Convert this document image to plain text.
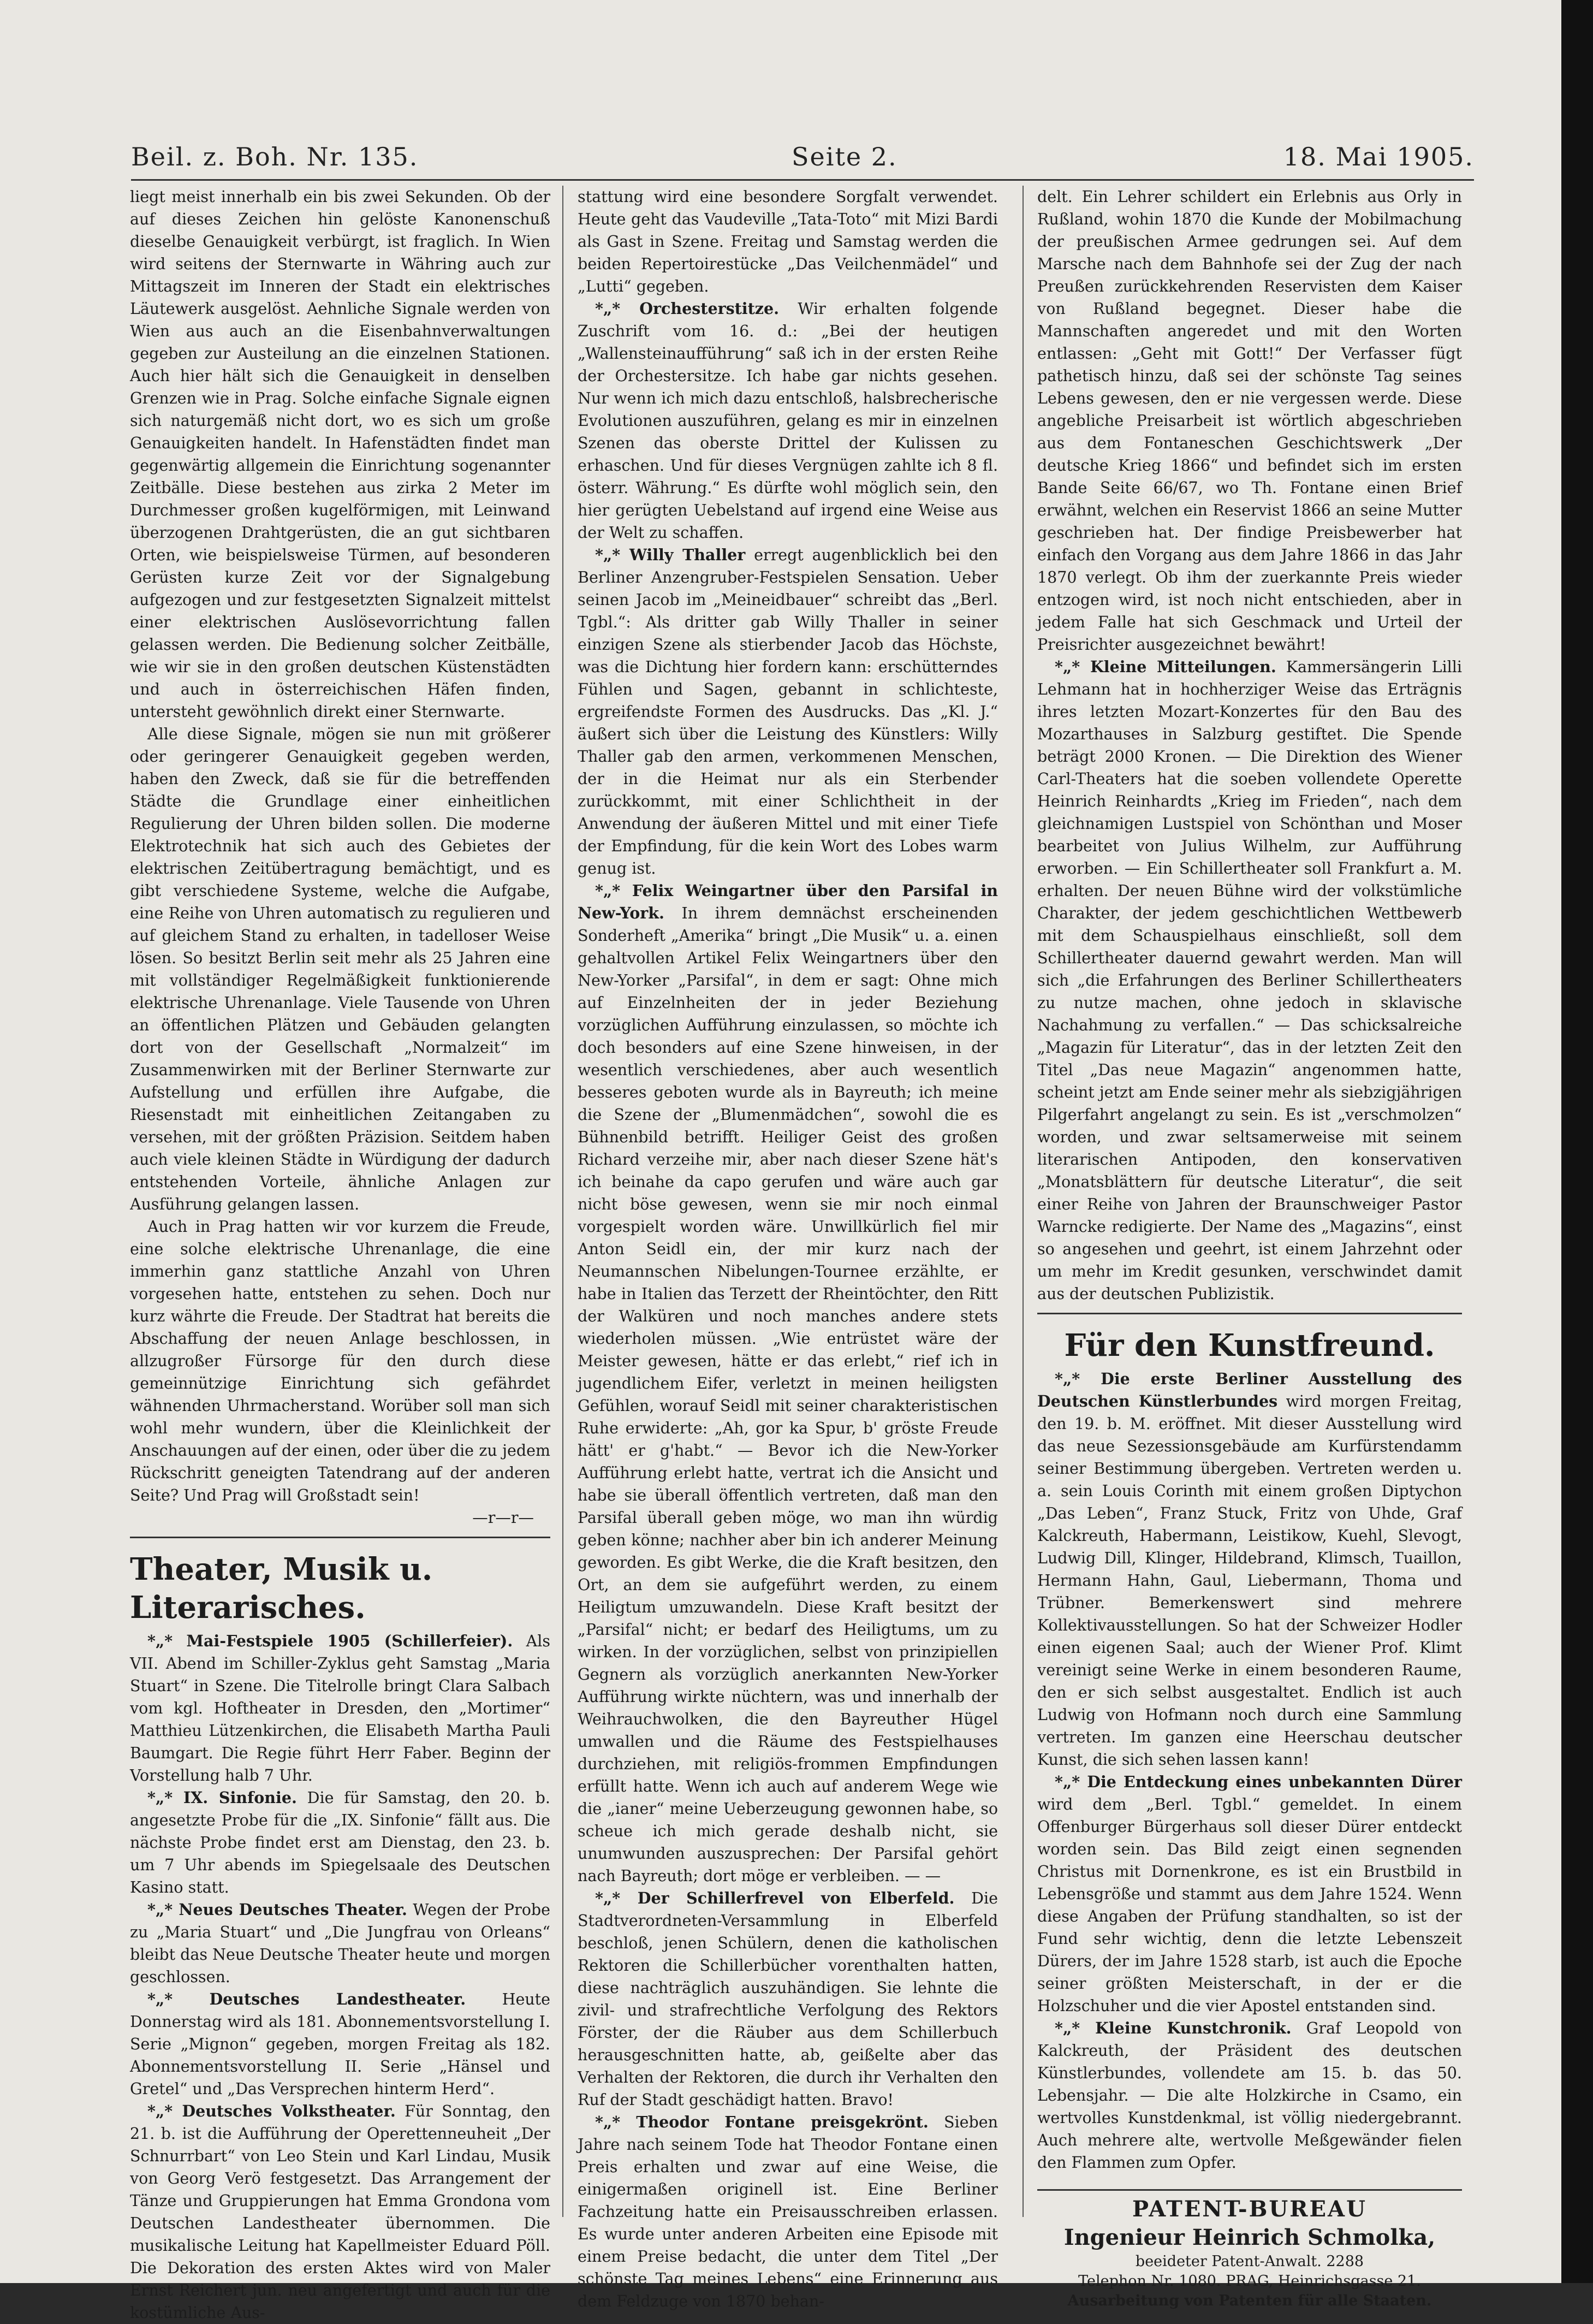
Beil. z. Boh. Nr. 135.	Seite 2.	18. Mai 1905.

liegt meist innerhalb ein bis zwei Sekunden. Ob der auf dieses Zeichen hin gelöste Kanonenschuß dieselbe Genauigkeit verbürgt, ist fraglich. In Wien wird seitens der Sternwarte in Währing auch zur Mittagszeit im Inneren der Stadt ein elektrisches Läutewerk ausgelöst. Aehnliche Signale werden von Wien aus auch an die Eisenbahnverwaltungen gegeben zur Austeilung an die einzelnen Stationen. Auch hier hält sich die Genauigkeit in denselben Grenzen wie in Prag. Solche einfache Signale eignen sich naturgemäß nicht dort, wo es sich um große Genauigkeiten handelt. In Hafenstädten findet man gegenwärtig allgemein die Einrichtung sogenannter Zeitbälle. Diese bestehen aus zirka 2 Meter im Durchmesser großen kugelförmigen, mit Leinwand überzogenen Drahtgerüsten, die an gut sichtbaren Orten, wie beispielsweise Türmen, auf besonderen Gerüsten kurze Zeit vor der Signalgebung aufgezogen und zur festgesetzten Signalzeit mittelst einer elektrischen Auslösevorrichtung fallen gelassen werden. Die Bedienung solcher Zeitbälle, wie wir sie in den großen deutschen Küstenstädten und auch in österreichischen Häfen finden, untersteht gewöhnlich direkt einer Sternwarte.

Alle diese Signale, mögen sie nun mit größerer oder geringerer Genauigkeit gegeben werden, haben den Zweck, daß sie für die betreffenden Städte die Grundlage einer einheitlichen Regulierung der Uhren bilden sollen. Die moderne Elektrotechnik hat sich auch des Gebietes der elektrischen Zeitübertragung bemächtigt, und es gibt verschiedene Systeme, welche die Aufgabe, eine Reihe von Uhren automatisch zu regulieren und auf gleichem Stand zu erhalten, in tadelloser Weise lösen. So besitzt Berlin seit mehr als 25 Jahren eine mit vollständiger Regelmäßigkeit funktionierende elektrische Uhrenanlage. Viele Tausende von Uhren an öffentlichen Plätzen und Gebäuden gelangten dort von der Gesellschaft „Normalzeit“ im Zusammenwirken mit der Berliner Sternwarte zur Aufstellung und erfüllen ihre Aufgabe, die Riesenstadt mit einheitlichen Zeitangaben zu versehen, mit der größten Präzision. Seitdem haben auch viele kleinen Städte in Würdigung der dadurch entstehenden Vorteile, ähnliche Anlagen zur Ausführung gelangen lassen.

Auch in Prag hatten wir vor kurzem die Freude, eine solche elektrische Uhrenanlage, die eine immerhin ganz stattliche Anzahl von Uhren vorgesehen hatte, entstehen zu sehen. Doch nur kurz währte die Freude. Der Stadtrat hat bereits die Abschaffung der neuen Anlage beschlossen, in allzugroßer Fürsorge für den durch diese gemeinnützige Einrichtung sich gefährdet wähnenden Uhrmacherstand. Worüber soll man sich wohl mehr wundern, über die Kleinlichkeit der Anschauungen auf der einen, oder über die zu jedem Rückschritt geneigten Tatendrang auf der anderen Seite? Und Prag will Großstadt sein!

—r—r—
Theater, Musik u. Literarisches.

*„* Mai-Festspiele 1905 (Schillerfeier). Als VII. Abend im Schiller-Zyklus geht Samstag „Maria Stuart“ in Szene. Die Titelrolle bringt Clara Salbach vom kgl. Hoftheater in Dresden, den „Mortimer“ Matthieu Lützenkirchen, die Elisabeth Martha Pauli Baumgart. Die Regie führt Herr Faber. Beginn der Vorstellung halb 7 Uhr.

*„* IX. Sinfonie. Die für Samstag, den 20. b. angesetzte Probe für die „IX. Sinfonie“ fällt aus. Die nächste Probe findet erst am Dienstag, den 23. b. um 7 Uhr abends im Spiegelsaale des Deutschen Kasino statt.

*„* Neues Deutsches Theater. Wegen der Probe zu „Maria Stuart“ und „Die Jungfrau von Orleans“ bleibt das Neue Deutsche Theater heute und morgen geschlossen.

*„* Deutsches Landestheater. Heute Donnerstag wird als 181. Abonnementsvorstellung I. Serie „Mignon“ gegeben, morgen Freitag als 182. Abonnementsvorstellung II. Serie „Hänsel und Gretel“ und „Das Versprechen hinterm Herd“.

*„* Deutsches Volkstheater. Für Sonntag, den 21. b. ist die Aufführung der Operettenneuheit „Der Schnurrbart“ von Leo Stein und Karl Lindau, Musik von Georg Verö festgesetzt. Das Arrangement der Tänze und Gruppierungen hat Emma Grondona vom Deutschen Landestheater übernommen. Die musikalische Leitung hat Kapellmeister Eduard Pöll. Die Dekoration des ersten Aktes wird von Maler Ernst Reichert jun. neu angefertigt und auch für die kostümliche Aus-

stattung wird eine besondere Sorgfalt verwendet. Heute geht das Vaudeville „Tata-Toto“ mit Mizi Bardi als Gast in Szene. Freitag und Samstag werden die beiden Repertoirestücke „Das Veilchenmädel“ und „Lutti“ gegeben.

*„* Orchesterstitze. Wir erhalten folgende Zuschrift vom 16. d.: „Bei der heutigen „Wallensteinaufführung“ saß ich in der ersten Reihe der Orchestersitze. Ich habe gar nichts gesehen. Nur wenn ich mich dazu entschloß, halsbrecherische Evolutionen auszuführen, gelang es mir in einzelnen Szenen das oberste Drittel der Kulissen zu erhaschen. Und für dieses Vergnügen zahlte ich 8 fl. österr. Währung.“ Es dürfte wohl möglich sein, den hier gerügten Uebelstand auf irgend eine Weise aus der Welt zu schaffen.

*„* Willy Thaller erregt augenblicklich bei den Berliner Anzengruber-Festspielen Sensation. Ueber seinen Jacob im „Meineidbauer“ schreibt das „Berl. Tgbl.“: Als dritter gab Willy Thaller in seiner einzigen Szene als stierbender Jacob das Höchste, was die Dichtung hier fordern kann: erschütterndes Fühlen und Sagen, gebannt in schlichteste, ergreifendste Formen des Ausdrucks. Das „Kl. J.“ äußert sich über die Leistung des Künstlers: Willy Thaller gab den armen, verkommenen Menschen, der in die Heimat nur als ein Sterbender zurückkommt, mit einer Schlichtheit in der Anwendung der äußeren Mittel und mit einer Tiefe der Empfindung, für die kein Wort des Lobes warm genug ist.

*„* Felix Weingartner über den Parsifal in New-York. In ihrem demnächst erscheinenden Sonderheft „Amerika“ bringt „Die Musik“ u. a. einen gehaltvollen Artikel Felix Weingartners über den New-Yorker „Parsifal“, in dem er sagt: Ohne mich auf Einzelnheiten der in jeder Beziehung vorzüglichen Aufführung einzulassen, so möchte ich doch besonders auf eine Szene hinweisen, in der wesentlich verschiedenes, aber auch wesentlich besseres geboten wurde als in Bayreuth; ich meine die Szene der „Blumenmädchen“, sowohl die es Bühnenbild betrifft. Heiliger Geist des großen Richard verzeihe mir, aber nach dieser Szene hät's ich beinahe da capo gerufen und wäre auch gar nicht böse gewesen, wenn sie mir noch einmal vorgespielt worden wäre. Unwillkürlich fiel mir Anton Seidl ein, der mir kurz nach der Neumannschen Nibelungen-Tournee erzählte, er habe in Italien das Terzett der Rheintöchter, den Ritt der Walküren und noch manches andere stets wiederholen müssen. „Wie entrüstet wäre der Meister gewesen, hätte er das erlebt,“ rief ich in jugendlichem Eifer, verletzt in meinen heiligsten Gefühlen, worauf Seidl mit seiner charakteristischen Ruhe erwiderte: „Ah, gor ka Spur, b' gröste Freude hätt' er g'habt.“ — Bevor ich die New-Yorker Aufführung erlebt hatte, vertrat ich die Ansicht und habe sie überall öffentlich vertreten, daß man den Parsifal überall geben möge, wo man ihn würdig geben könne; nachher aber bin ich anderer Meinung geworden. Es gibt Werke, die die Kraft besitzen, den Ort, an dem sie aufgeführt werden, zu einem Heiligtum umzuwandeln. Diese Kraft besitzt der „Parsifal“ nicht; er bedarf des Heiligtums, um zu wirken. In der vorzüglichen, selbst von prinzipiellen Gegnern als vorzüglich anerkannten New-Yorker Aufführung wirkte nüchtern, was und innerhalb der Weihrauchwolken, die den Bayreuther Hügel umwallen und die Räume des Festspielhauses durchziehen, mit religiös-frommen Empfindungen erfüllt hatte. Wenn ich auch auf anderem Wege wie die „ianer“ meine Ueberzeugung gewonnen habe, so scheue ich mich gerade deshalb nicht, sie unumwunden auszusprechen: Der Parsifal gehört nach Bayreuth; dort möge er verbleiben. — —

*„* Der Schillerfrevel von Elberfeld. Die Stadtverordneten-Versammlung in Elberfeld beschloß, jenen Schülern, denen die katholischen Rektoren die Schillerbücher vorenthalten hatten, diese nachträglich auszuhändigen. Sie lehnte die zivil- und strafrechtliche Verfolgung des Rektors Förster, der die Räuber aus dem Schillerbuch herausgeschnitten hatte, ab, geißelte aber das Verhalten der Rektoren, die durch ihr Verhalten den Ruf der Stadt geschädigt hatten. Bravo!

*„* Theodor Fontane preisgekrönt. Sieben Jahre nach seinem Tode hat Theodor Fontane einen Preis erhalten und zwar auf eine Weise, die einigermaßen originell ist. Eine Berliner Fachzeitung hatte ein Preisausschreiben erlassen. Es wurde unter anderen Arbeiten eine Episode mit einem Preise bedacht, die unter dem Titel „Der schönste Tag meines Lebens“ eine Erinnerung aus dem Feldzuge von 1870 behan-

delt. Ein Lehrer schildert ein Erlebnis aus Orly in Rußland, wohin 1870 die Kunde der Mobilmachung der preußischen Armee gedrungen sei. Auf dem Marsche nach dem Bahnhofe sei der Zug der nach Preußen zurückkehrenden Reservisten dem Kaiser von Rußland begegnet. Dieser habe die Mannschaften angeredet und mit den Worten entlassen: „Geht mit Gott!“ Der Verfasser fügt pathetisch hinzu, daß sei der schönste Tag seines Lebens gewesen, den er nie vergessen werde. Diese angebliche Preisarbeit ist wörtlich abgeschrieben aus dem Fontaneschen Geschichtswerk „Der deutsche Krieg 1866“ und befindet sich im ersten Bande Seite 66/67, wo Th. Fontane einen Brief erwähnt, welchen ein Reservist 1866 an seine Mutter geschrieben hat. Der findige Preisbewerber hat einfach den Vorgang aus dem Jahre 1866 in das Jahr 1870 verlegt. Ob ihm der zuerkannte Preis wieder entzogen wird, ist noch nicht entschieden, aber in jedem Falle hat sich Geschmack und Urteil der Preisrichter ausgezeichnet bewährt!

*„* Kleine Mitteilungen. Kammersängerin Lilli Lehmann hat in hochherziger Weise das Erträgnis ihres letzten Mozart-Konzertes für den Bau des Mozarthauses in Salzburg gestiftet. Die Spende beträgt 2000 Kronen. — Die Direktion des Wiener Carl-Theaters hat die soeben vollendete Operette Heinrich Reinhardts „Krieg im Frieden“, nach dem gleichnamigen Lustspiel von Schönthan und Moser bearbeitet von Julius Wilhelm, zur Aufführung erworben. — Ein Schillertheater soll Frankfurt a. M. erhalten. Der neuen Bühne wird der volkstümliche Charakter, der jedem geschichtlichen Wettbewerb mit dem Schauspielhaus einschließt, soll dem Schillertheater dauernd gewahrt werden. Man will sich „die Erfahrungen des Berliner Schillertheaters zu nutze machen, ohne jedoch in sklavische Nachahmung zu verfallen.“ — Das schicksalreiche „Magazin für Literatur“, das in der letzten Zeit den Titel „Das neue Magazin“ angenommen hatte, scheint jetzt am Ende seiner mehr als siebzigjährigen Pilgerfahrt angelangt zu sein. Es ist „verschmolzen“ worden, und zwar seltsamerweise mit seinem literarischen Antipoden, den konservativen „Monatsblättern für deutsche Literatur“, die seit einer Reihe von Jahren der Braunschweiger Pastor Warncke redigierte. Der Name des „Magazins“, einst so angesehen und geehrt, ist einem Jahrzehnt oder um mehr im Kredit gesunken, verschwindet damit aus der deutschen Publizistik.

Für den Kunstfreund.

*„* Die erste Berliner Ausstellung des Deutschen Künstlerbundes wird morgen Freitag, den 19. b. M. eröffnet. Mit dieser Ausstellung wird das neue Sezessionsgebäude am Kurfürstendamm seiner Bestimmung übergeben. Vertreten werden u. a. sein Louis Corinth mit einem großen Diptychon „Das Leben“, Franz Stuck, Fritz von Uhde, Graf Kalckreuth, Habermann, Leistikow, Kuehl, Slevogt, Ludwig Dill, Klinger, Hildebrand, Klimsch, Tuaillon, Hermann Hahn, Gaul, Liebermann, Thoma und Trübner. Bemerkenswert sind mehrere Kollektivausstellungen. So hat der Schweizer Hodler einen eigenen Saal; auch der Wiener Prof. Klimt vereinigt seine Werke in einem besonderen Raume, den er sich selbst ausgestaltet. Endlich ist auch Ludwig von Hofmann noch durch eine Sammlung vertreten. Im ganzen eine Heerschau deutscher Kunst, die sich sehen lassen kann!

*„* Die Entdeckung eines unbekannten Dürer wird dem „Berl. Tgbl.“ gemeldet. In einem Offenburger Bürgerhaus soll dieser Dürer entdeckt worden sein. Das Bild zeigt einen segnenden Christus mit Dornenkrone, es ist ein Brustbild in Lebensgröße und stammt aus dem Jahre 1524. Wenn diese Angaben der Prüfung standhalten, so ist der Fund sehr wichtig, denn die letzte Lebenszeit Dürers, der im Jahre 1528 starb, ist auch die Epoche seiner größten Meisterschaft, in der er die Holzschuher und die vier Apostel entstanden sind.

*„* Kleine Kunstchronik. Graf Leopold von Kalckreuth, der Präsident des deutschen Künstlerbundes, vollendete am 15. b. das 50. Lebensjahr. — Die alte Holzkirche in Csamo, ein wertvolles Kunstdenkmal, ist völlig niedergebrannt. Auch mehrere alte, wertvolle Meßgewänder fielen den Flammen zum Opfer.

PATENT-BUREAU
Ingenieur Heinrich Schmolka,
beeideter Patent-Anwalt. 2288
Telephon Nr. 1080. PRAG, Heinrichsgasse 21.
Ausarbeitung von Patenten für alle Staaten.
